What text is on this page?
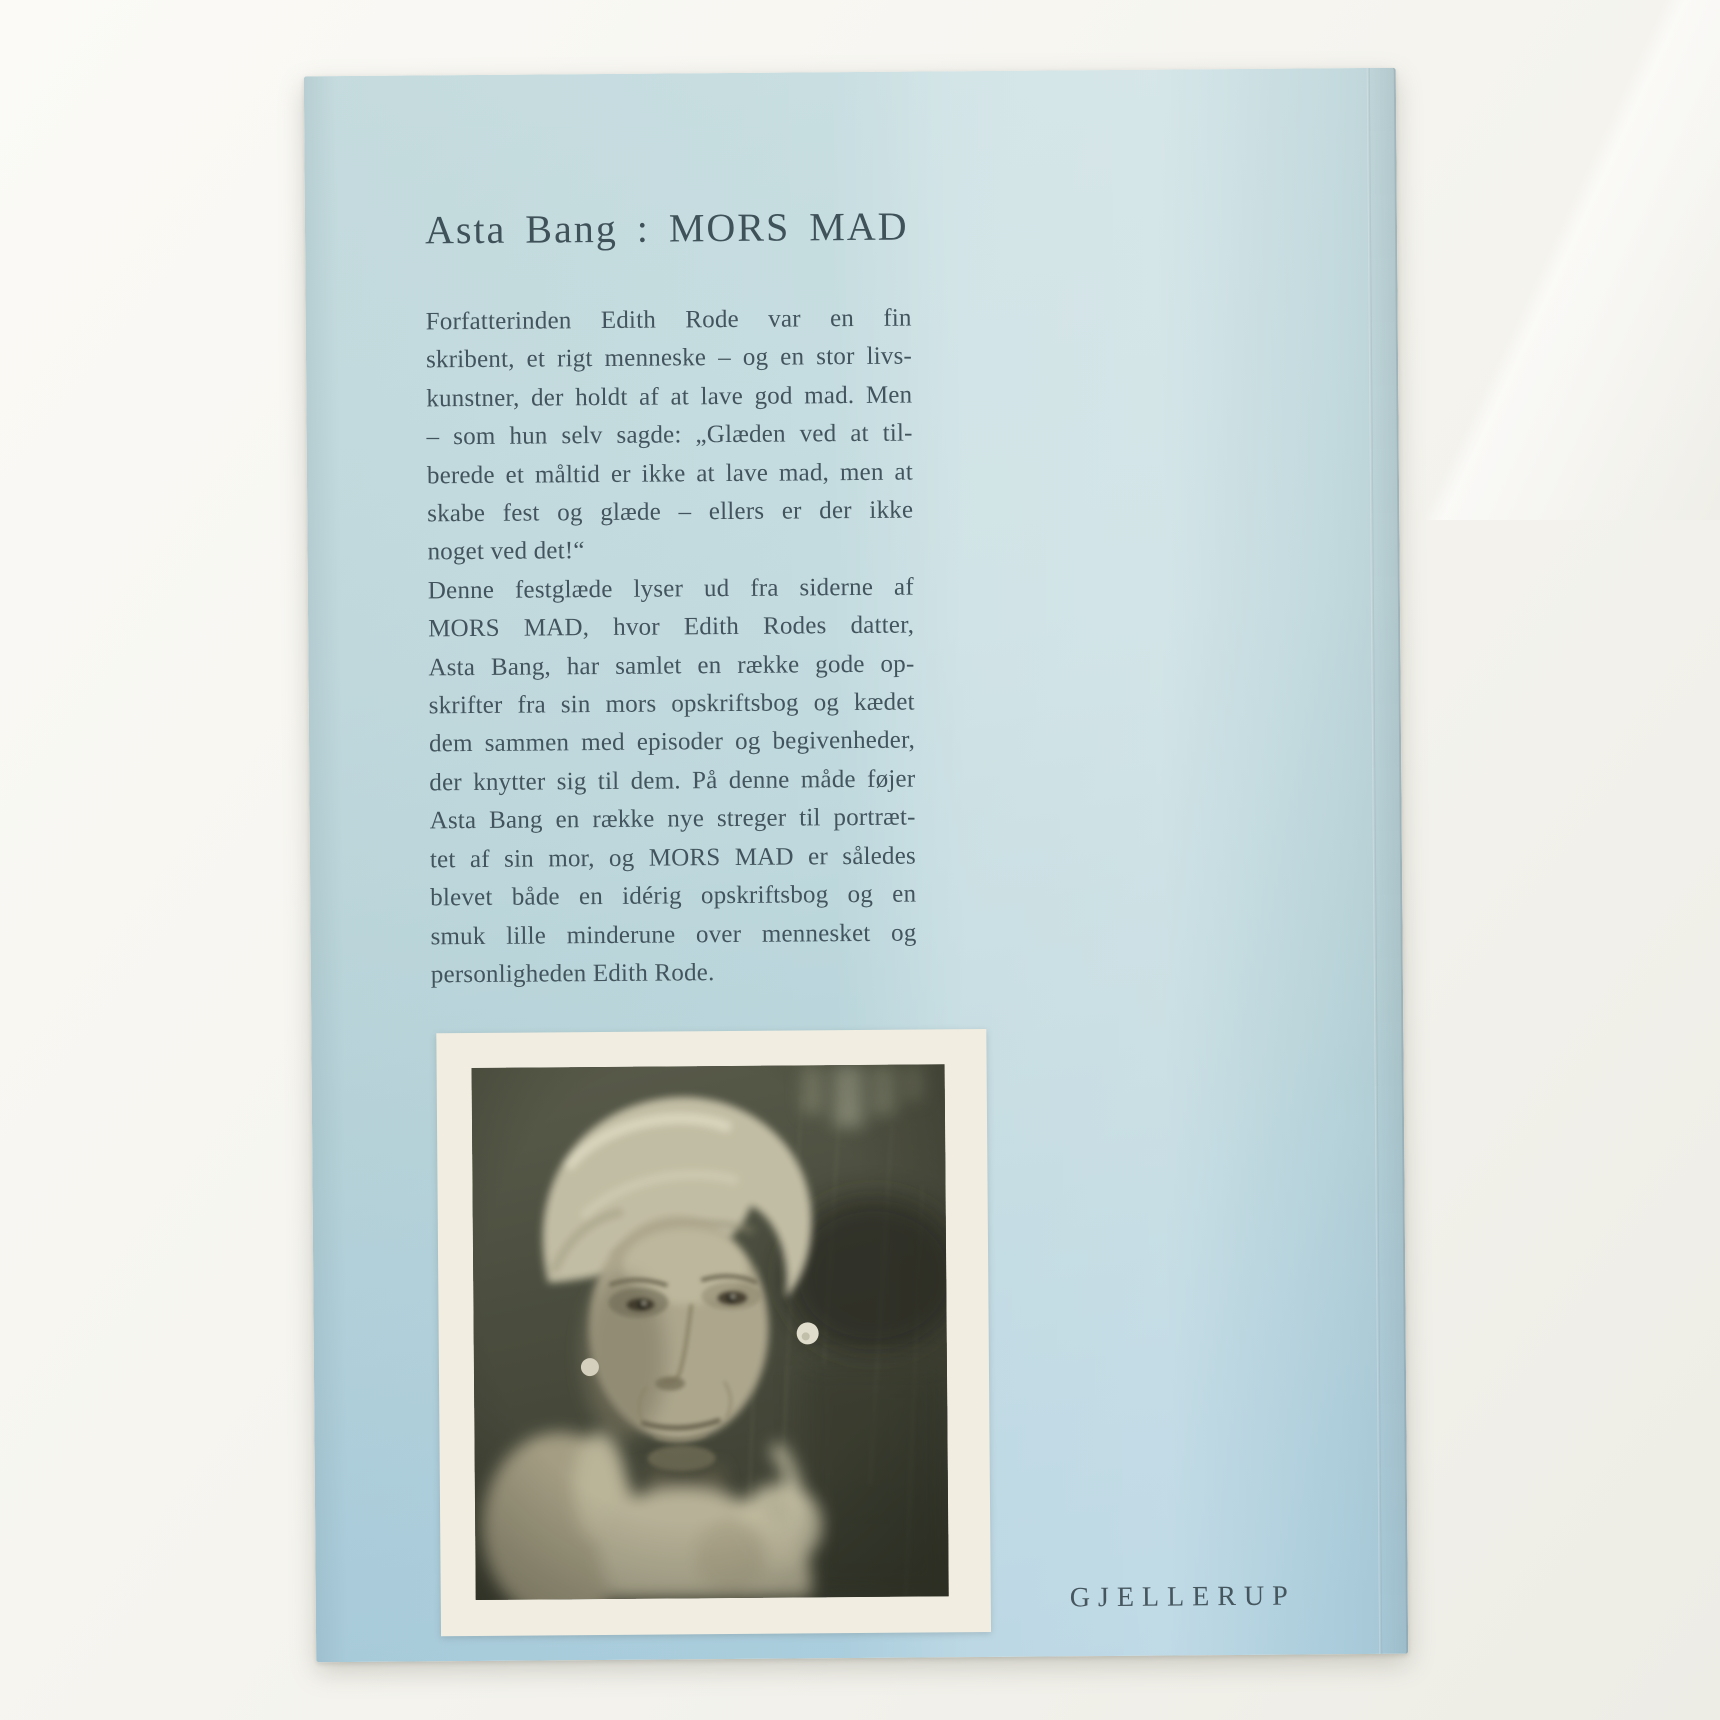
Asta Bang : MORS MAD
Forfatterinden Edith Rode var en fin
skribent, et rigt menneske – og en stor livs-
kunstner, der holdt af at lave god mad. Men
– som hun selv sagde: „Glæden ved at til-
berede et måltid er ikke at lave mad, men at
skabe fest og glæde – ellers er der ikke
noget ved det!“
Denne festglæde lyser ud fra siderne af
MORS MAD, hvor Edith Rodes datter,
Asta Bang, har samlet en række gode op-
skrifter fra sin mors opskriftsbog og kædet
dem sammen med episoder og begivenheder,
der knytter sig til dem. På denne måde føjer
Asta Bang en række nye streger til portræt-
tet af sin mor, og MORS MAD er således
blevet både en idérig opskriftsbog og en
smuk lille minderune over mennesket og
personligheden Edith Rode.
GJELLERUP
